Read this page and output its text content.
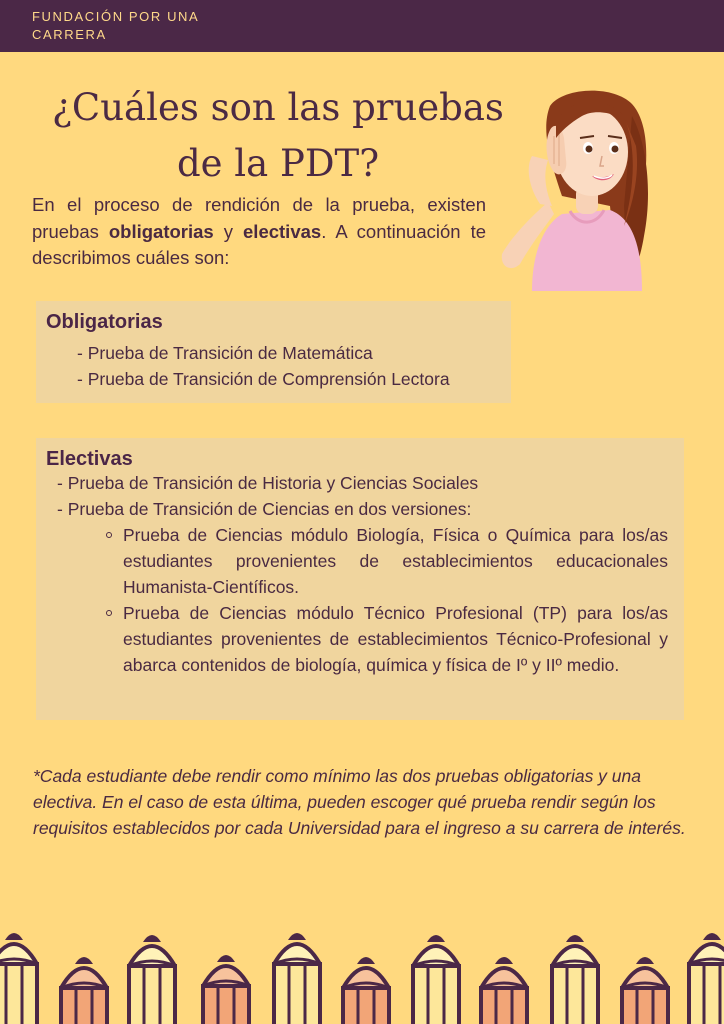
FUNDACIÓN POR UNA CARRERA
¿Cuáles son las pruebas de la PDT?

En el proceso de rendición de la prueba, existen pruebas obligatorias y electivas. A continuación te describimos cuáles son:

Obligatorias
- Prueba de Transición de Matemática
- Prueba de Transición de Comprensión Lectora
Electivas
- Prueba de Transición de Historia y Ciencias Sociales
- Prueba de Transición de Ciencias en dos versiones:
Prueba de Ciencias módulo Biología, Física o Química para los/as estudiantes provenientes de establecimientos educacionales Humanista-Científicos.
Prueba de Ciencias módulo Técnico Profesional (TP) para los/as estudiantes provenientes de establecimientos Técnico-Profesional y abarca contenidos de biología, química y física de Iº y IIº medio.

*Cada estudiante debe rendir como mínimo las dos pruebas obligatorias y una electiva. En el caso de esta última, pueden escoger qué prueba rendir según los requisitos establecidos por cada Universidad para el ingreso a su carrera de interés.
